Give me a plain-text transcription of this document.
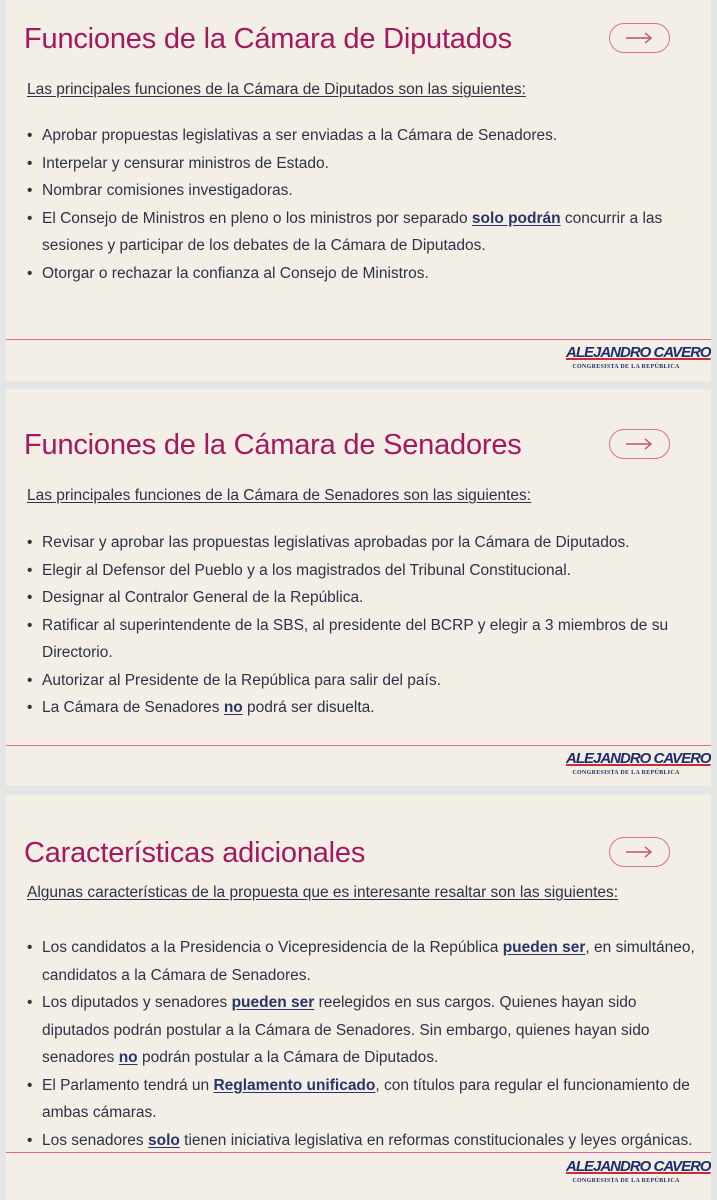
Funciones de la Cámara de Diputados

Las principales funciones de la Cámara de Diputados son las siguientes:

• Aprobar propuestas legislativas a ser enviadas a la Cámara de Senadores.
• Interpelar y censurar ministros de Estado.
• Nombrar comisiones investigadoras.
• El Consejo de Ministros en pleno o los ministros por separado solo podrán concurrir a las sesiones y participar de los debates de la Cámara de Diputados.
• Otorgar o rechazar la confianza al Consejo de Ministros.
ALEJANDRO CAVERO
CONGRESISTA DE LA REPÚBLICA
Funciones de la Cámara de Senadores

Las principales funciones de la Cámara de Senadores son las siguientes:

• Revisar y aprobar las propuestas legislativas aprobadas por la Cámara de Diputados.
• Elegir al Defensor del Pueblo y a los magistrados del Tribunal Constitucional.
• Designar al Contralor General de la República.
• Ratificar al superintendente de la SBS, al presidente del BCRP y elegir a 3 miembros de su Directorio.
• Autorizar al Presidente de la República para salir del país.
• La Cámara de Senadores no podrá ser disuelta.
ALEJANDRO CAVERO
CONGRESISTA DE LA REPÚBLICA
Características adicionales

Algunas características de la propuesta que es interesante resaltar son las siguientes:

• Los candidatos a la Presidencia o Vicepresidencia de la República pueden ser, en simultáneo, candidatos a la Cámara de Senadores.
• Los diputados y senadores pueden ser reelegidos en sus cargos. Quienes hayan sido diputados podrán postular a la Cámara de Senadores. Sin embargo, quienes hayan sido senadores no podrán postular a la Cámara de Diputados.
• El Parlamento tendrá un Reglamento unificado, con títulos para regular el funcionamiento de ambas cámaras.
• Los senadores solo tienen iniciativa legislativa en reformas constitucionales y leyes orgánicas.
ALEJANDRO CAVERO
CONGRESISTA DE LA REPÚBLICA
